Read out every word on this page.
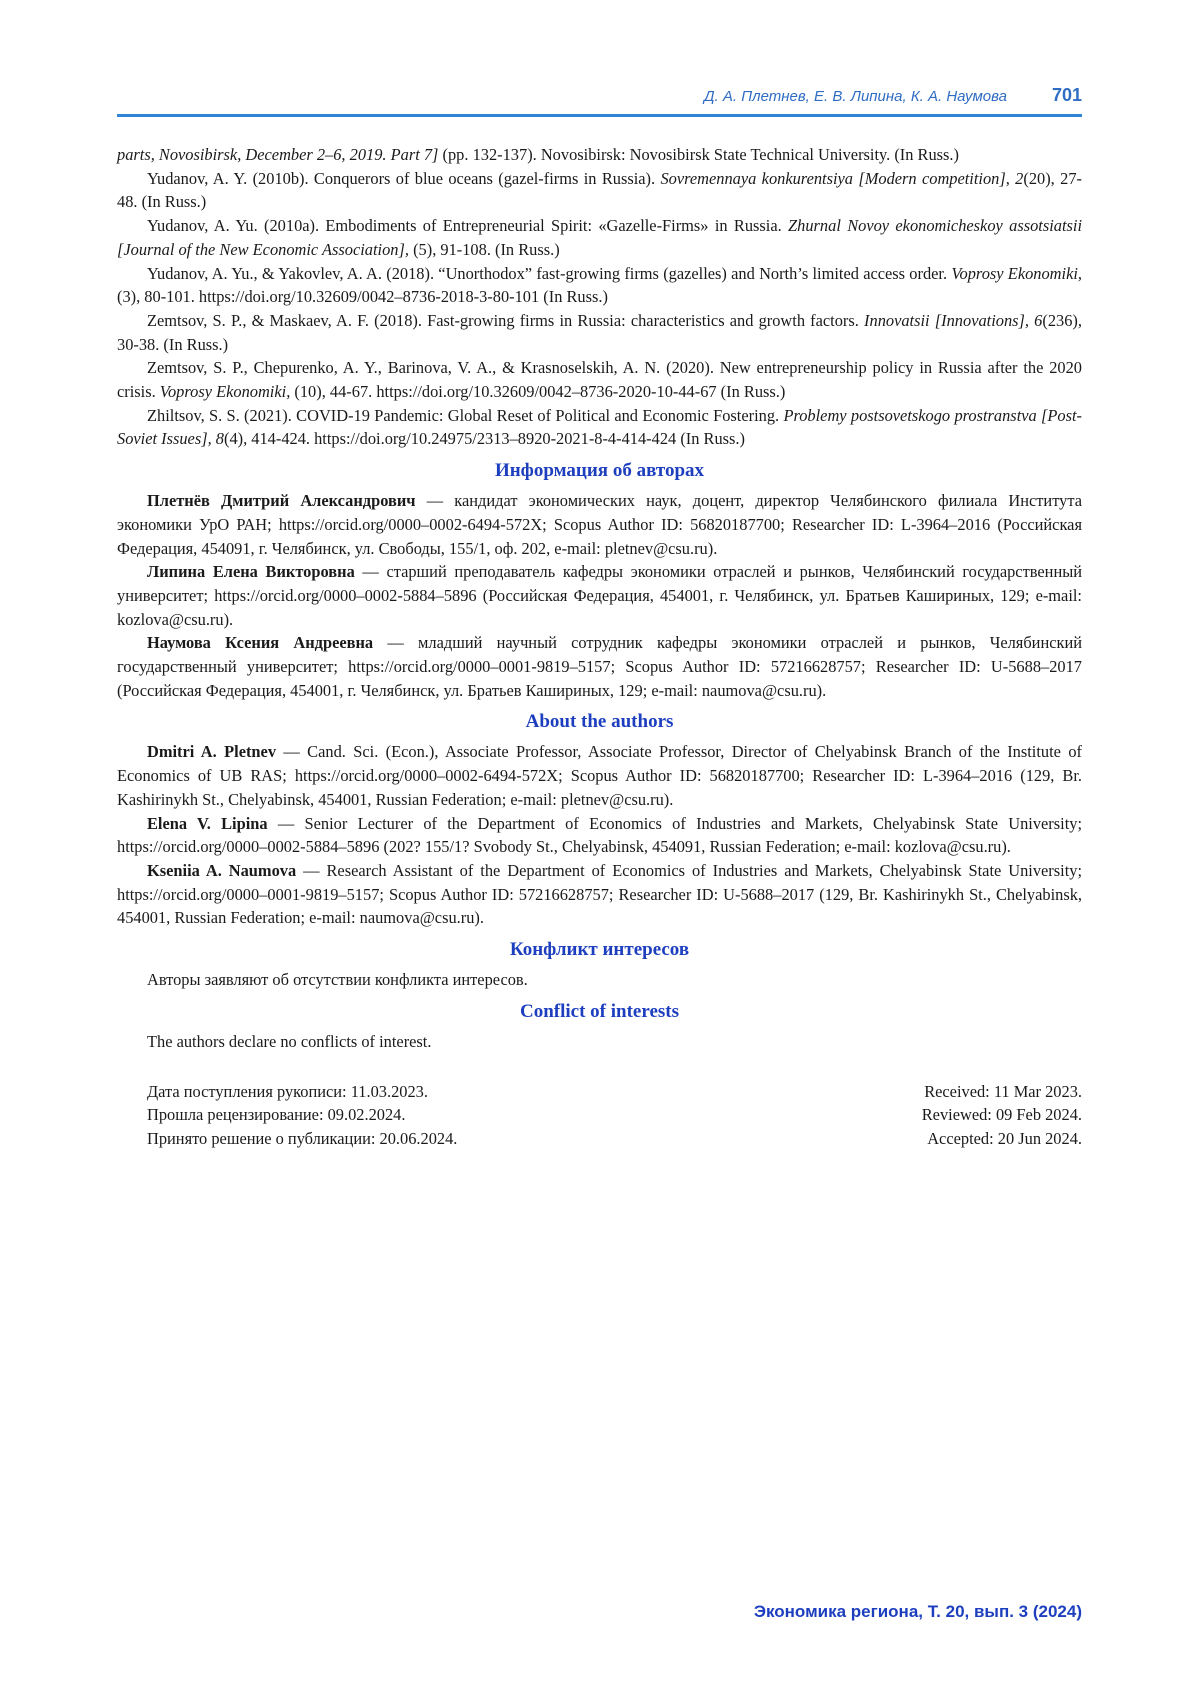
Д. А. Плетнев, Е. В. Липина, К. А. Наумова 701

parts, Novosibirsk, December 2–6, 2019. Part 7] (pp. 132-137). Novosibirsk: Novosibirsk State Technical University. (In Russ.)

Yudanov, A. Y. (2010b). Conquerors of blue oceans (gazel-firms in Russia). Sovremennaya konkurentsiya [Modern competition], 2(20), 27-48. (In Russ.)

Yudanov, A. Yu. (2010a). Embodiments of Entrepreneurial Spirit: «Gazelle-Firms» in Russia. Zhurnal Novoy ekonomicheskoy assotsiatsii [Journal of the New Economic Association], (5), 91-108. (In Russ.)

Yudanov, A. Yu., & Yakovlev, A. A. (2018). “Unorthodox” fast-growing firms (gazelles) and North’s limited access order. Voprosy Ekonomiki, (3), 80-101. https://doi.org/10.32609/0042–8736-2018-3-80-101 (In Russ.)

Zemtsov, S. P., & Maskaev, A. F. (2018). Fast-growing firms in Russia: characteristics and growth factors. Innovatsii [Innovations], 6(236), 30-38. (In Russ.)

Zemtsov, S. P., Chepurenko, A. Y., Barinova, V. A., & Krasnoselskih, A. N. (2020). New entrepreneurship policy in Russia after the 2020 crisis. Voprosy Ekonomiki, (10), 44-67. https://doi.org/10.32609/0042–8736-2020-10-44-67 (In Russ.)

Zhiltsov, S. S. (2021). COVID-19 Pandemic: Global Reset of Political and Economic Fostering. Problemy postsovetskogo prostranstva [Post-Soviet Issues], 8(4), 414-424. https://doi.org/10.24975/2313–8920-2021-8-4-414-424 (In Russ.)

Информация об авторах

Плетнёв Дмитрий Александрович — кандидат экономических наук, доцент, директор Челябинского филиала Института экономики УрО РАН; https://orcid.org/0000–0002-6494-572X; Scopus Author ID: 56820187700; Researcher ID: L-3964–2016 (Российская Федерация, 454091, г. Челябинск, ул. Свободы, 155/1, оф. 202, e-mail: pletnev@csu.ru).

Липина Елена Викторовна — старший преподаватель кафедры экономики отраслей и рынков, Челябинский государственный университет; https://orcid.org/0000–0002-5884–5896 (Российская Федерация, 454001, г. Челябинск, ул. Братьев Кашириных, 129; e-mail: kozlova@csu.ru).

Наумова Ксения Андреевна — младший научный сотрудник кафедры экономики отраслей и рынков, Челябинский государственный университет; https://orcid.org/0000–0001-9819–5157; Scopus Author ID: 57216628757; Researcher ID: U-5688–2017 (Российская Федерация, 454001, г. Челябинск, ул. Братьев Кашириных, 129; e-mail: naumova@csu.ru).

About the authors

Dmitri A. Pletnev — Cand. Sci. (Econ.), Associate Professor, Associate Professor, Director of Chelyabinsk Branch of the Institute of Economics of UB RAS; https://orcid.org/0000–0002-6494-572X; Scopus Author ID: 56820187700; Researcher ID: L-3964–2016 (129, Br. Kashirinykh St., Chelyabinsk, 454001, Russian Federation; e-mail: pletnev@csu.ru).

Elena V. Lipina — Senior Lecturer of the Department of Economics of Industries and Markets, Chelyabinsk State University; https://orcid.org/0000–0002-5884–5896 (202? 155/1? Svobody St., Chelyabinsk, 454091, Russian Federation; e-mail: kozlova@csu.ru).

Kseniia A. Naumova — Research Assistant of the Department of Economics of Industries and Markets, Chelyabinsk State University; https://orcid.org/0000–0001-9819–5157; Scopus Author ID: 57216628757; Researcher ID: U-5688–2017 (129, Br. Kashirinykh St., Chelyabinsk, 454001, Russian Federation; e-mail: naumova@csu.ru).

Конфликт интересов

Авторы заявляют об отсутствии конфликта интересов.

Conflict of interests

The authors declare no conflicts of interest.

Дата поступления рукописи: 11.03.2023.
Прошла рецензирование: 09.02.2024.
Принято решение о публикации: 20.06.2024.
Received: 11 Mar 2023.
Reviewed: 09 Feb 2024.
Accepted: 20 Jun 2024.
Экономика региона, Т. 20, вып. 3 (2024)
